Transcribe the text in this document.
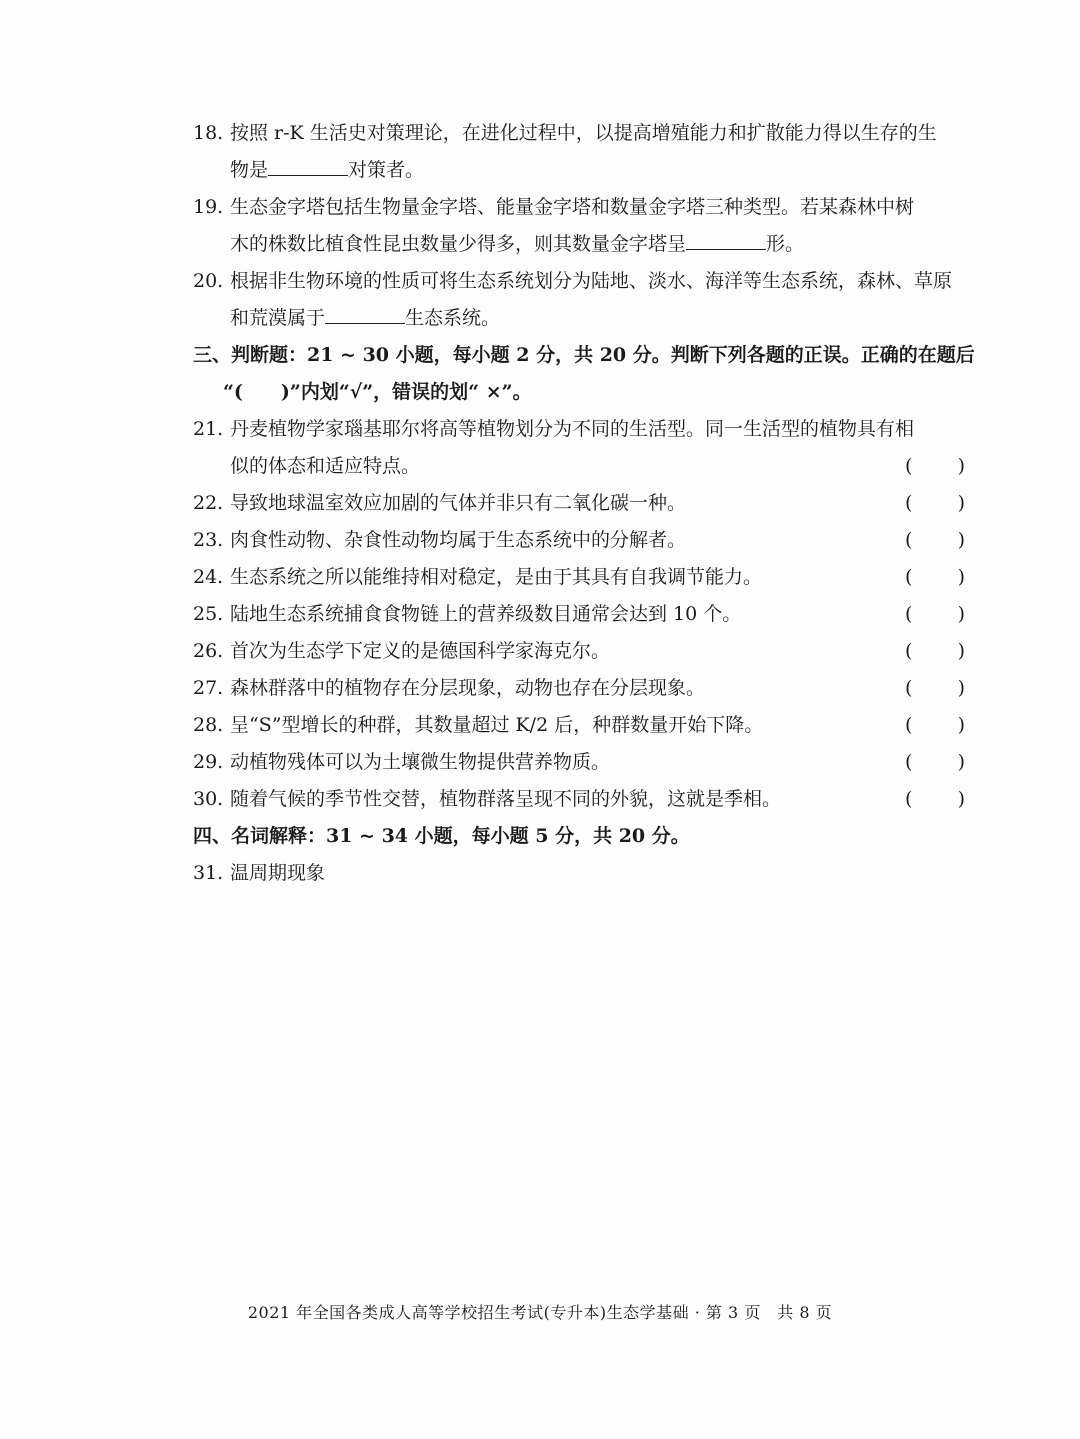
18. 按照 r-K 生活史对策理论，在进化过程中，以提高增殖能力和扩散能力得以生存的生
物是	对策者。
19. 生态金字塔包括生物量金字塔、能量金字塔和数量金字塔三种类型。若某森林中树
木的株数比植食性昆虫数量少得多，则其数量金字塔呈	形。
20. 根据非生物环境的性质可将生态系统划分为陆地、淡水、海洋等生态系统，森林、草原
和荒漠属于	生态系统。
三、判断题：21 ~ 30 小题，每小题 2 分，共 20 分。判断下列各题的正误。正确的在题后
“(　　)”内划“√”，错误的划“ ×”。
21. 丹麦植物学家瑙基耶尔将高等植物划分为不同的生活型。同一生活型的植物具有相
似的体态和适应特点。	( )
22. 导致地球温室效应加剧的气体并非只有二氧化碳一种。	( )
23. 肉食性动物、杂食性动物均属于生态系统中的分解者。	( )
24. 生态系统之所以能维持相对稳定，是由于其具有自我调节能力。	( )
25. 陆地生态系统捕食食物链上的营养级数目通常会达到 10 个。	( )
26. 首次为生态学下定义的是德国科学家海克尔。	( )
27. 森林群落中的植物存在分层现象，动物也存在分层现象。	( )
28. 呈“S”型增长的种群，其数量超过 K/2 后，种群数量开始下降。	( )
29. 动植物残体可以为土壤微生物提供营养物质。	( )
30. 随着气候的季节性交替，植物群落呈现不同的外貌，这就是季相。	( )
四、名词解释：31 ~ 34 小题，每小题 5 分，共 20 分。
31. 温周期现象
2021 年全国各类成人高等学校招生考试(专升本)生态学基础 · 第 3 页　共 8 页
